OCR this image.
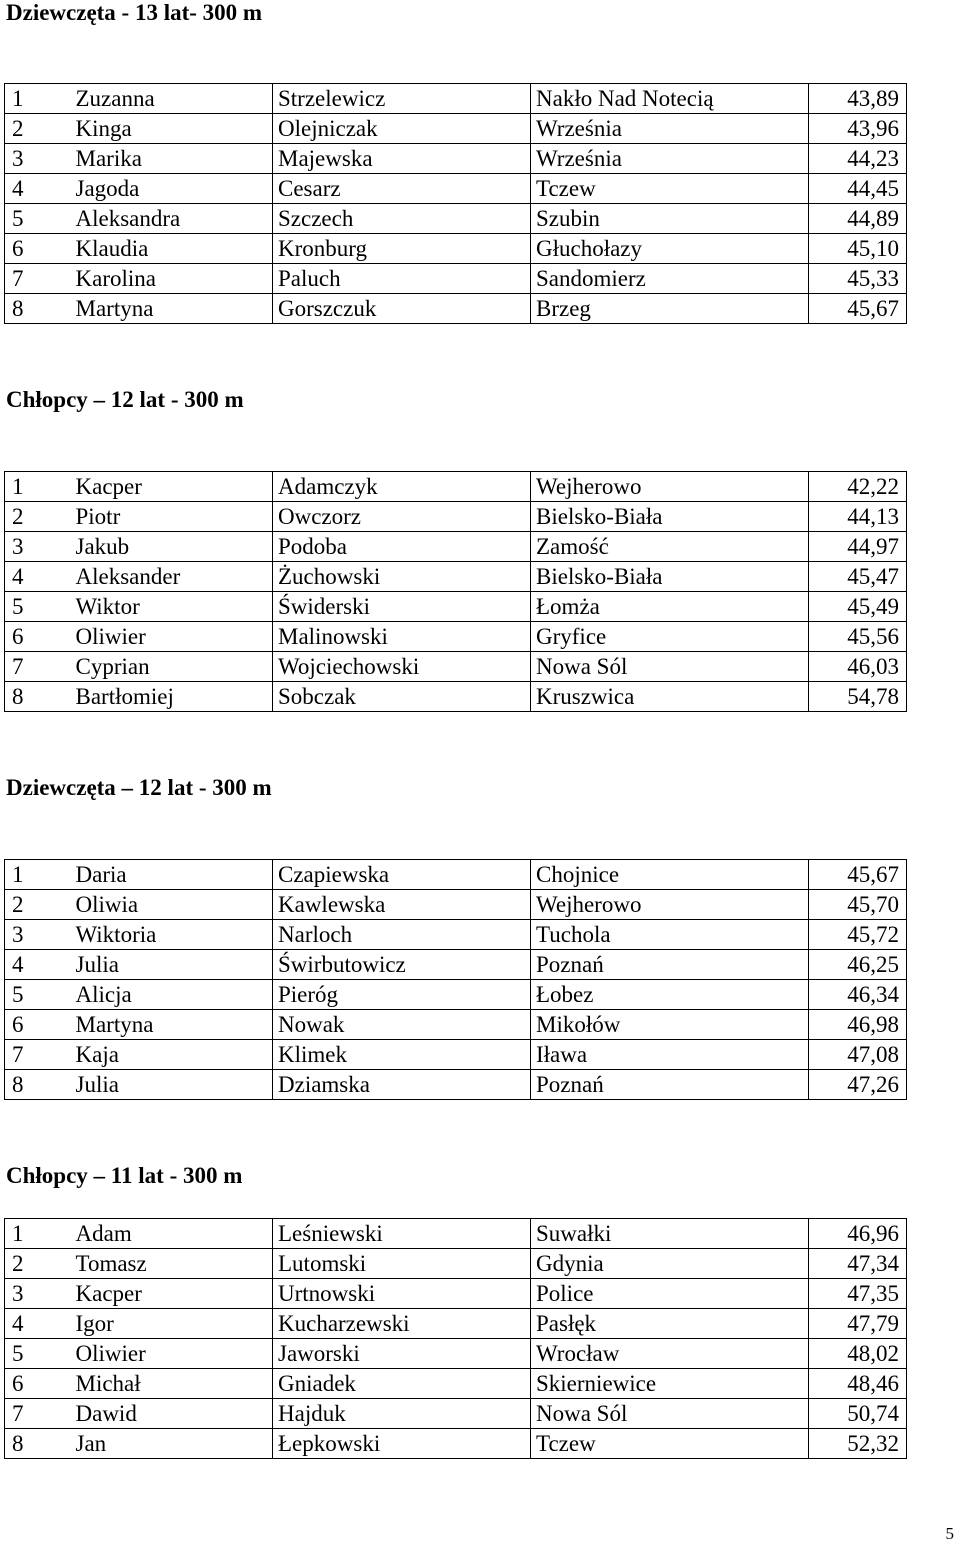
Dziewczęta - 13 lat- 300 m
1	Zuzanna	Strzelewicz	Nakło Nad Notecią	43,89
2	Kinga	Olejniczak	Września	43,96
3	Marika	Majewska	Września	44,23
4	Jagoda	Cesarz	Tczew	44,45
5	Aleksandra	Szczech	Szubin	44,89
6	Klaudia	Kronburg	Głuchołazy	45,10
7	Karolina	Paluch	Sandomierz	45,33
8	Martyna	Gorszczuk	Brzeg	45,67
Chłopcy – 12 lat - 300 m
1	Kacper	Adamczyk	Wejherowo	42,22
2	Piotr	Owczorz	Bielsko-Biała	44,13
3	Jakub	Podoba	Zamość	44,97
4	Aleksander	Żuchowski	Bielsko-Biała	45,47
5	Wiktor	Świderski	Łomża	45,49
6	Oliwier	Malinowski	Gryfice	45,56
7	Cyprian	Wojciechowski	Nowa Sól	46,03
8	Bartłomiej	Sobczak	Kruszwica	54,78
Dziewczęta – 12 lat - 300 m
1	Daria	Czapiewska	Chojnice	45,67
2	Oliwia	Kawlewska	Wejherowo	45,70
3	Wiktoria	Narloch	Tuchola	45,72
4	Julia	Świrbutowicz	Poznań	46,25
5	Alicja	Pieróg	Łobez	46,34
6	Martyna	Nowak	Mikołów	46,98
7	Kaja	Klimek	Iława	47,08
8	Julia	Dziamska	Poznań	47,26
Chłopcy – 11 lat - 300 m
1	Adam	Leśniewski	Suwałki	46,96
2	Tomasz	Lutomski	Gdynia	47,34
3	Kacper	Urtnowski	Police	47,35
4	Igor	Kucharzewski	Pasłęk	47,79
5	Oliwier	Jaworski	Wrocław	48,02
6	Michał	Gniadek	Skierniewice	48,46
7	Dawid	Hajduk	Nowa Sól	50,74
8	Jan	Łepkowski	Tczew	52,32
5
